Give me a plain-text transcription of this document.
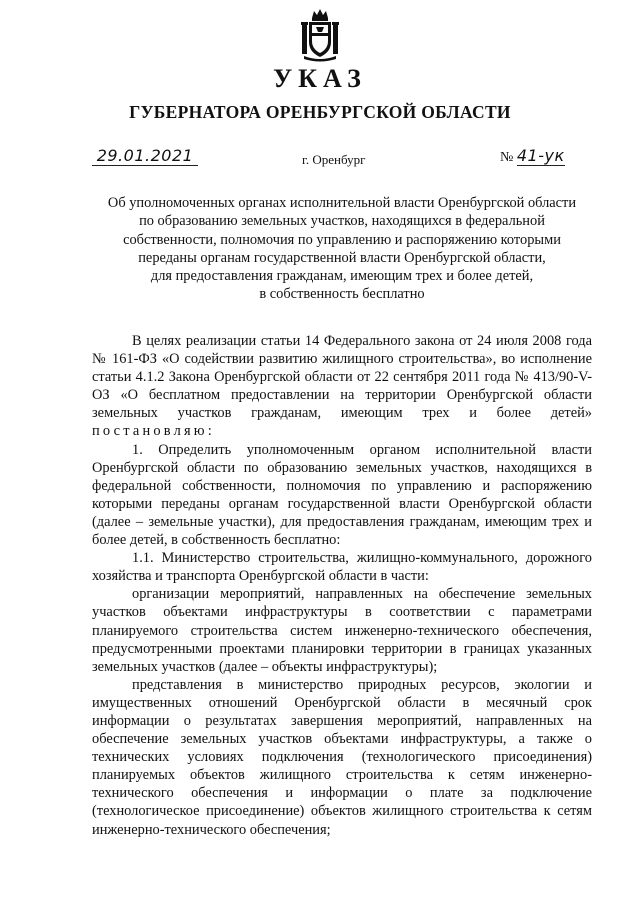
УКАЗ
ГУБЕРНАТОРА ОРЕНБУРГСКОЙ ОБЛАСТИ
29.01.2021	г. Оренбург	№ 41-ук
Об уполномоченных органах исполнительной власти Оренбургской области
по образованию земельных участков, находящихся в федеральной
собственности, полномочия по управлению и распоряжению которыми
переданы органам государственной власти Оренбургской области,
для предоставления гражданам, имеющим трех и более детей,
в собственность бесплатно

В целях реализации статьи 14 Федерального закона от 24 июля 2008 года № 161-ФЗ «О содействии развитию жилищного строительства», во исполнение статьи 4.1.2 Закона Оренбургской области от 22 сентября 2011 года № 413/90-V-ОЗ «О бесплатном предоставлении на территории Оренбургской области земельных участков гражданам, имеющим трех и более детей» постановляю:

1. Определить уполномоченным органом исполнительной власти Оренбургской области по образованию земельных участков, находящихся в федеральной собственности, полномочия по управлению и распоряжению которыми переданы органам государственной власти Оренбургской области (далее – земельные участки), для предоставления гражданам, имеющим трех и более детей, в собственность бесплатно:

1.1. Министерство строительства, жилищно-коммунального, дорожного хозяйства и транспорта Оренбургской области в части:

организации мероприятий, направленных на обеспечение земельных участков объектами инфраструктуры в соответствии с параметрами планируемого строительства систем инженерно-технического обеспечения, предусмотренными проектами планировки территории в границах указанных земельных участков (далее – объекты инфраструктуры);

представления в министерство природных ресурсов, экологии и имущественных отношений Оренбургской области в месячный срок информации о результатах завершения мероприятий, направленных на обеспечение земельных участков объектами инфраструктуры, а также о технических условиях подключения (технологического присоединения) планируемых объектов жилищного строительства к сетям инженерно-технического обеспечения и информации о плате за подключение (технологическое присоединение) объектов жилищного строительства к сетям инженерно-технического обеспечения;
